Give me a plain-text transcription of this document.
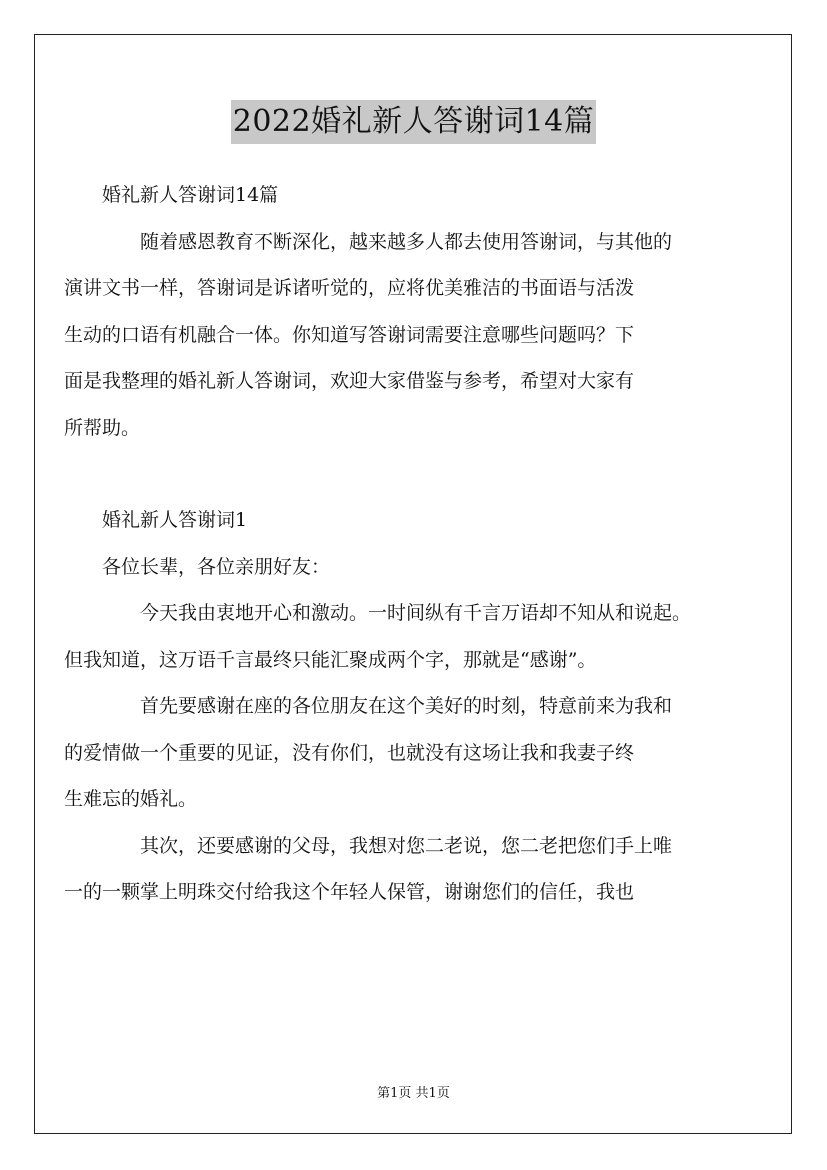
2022婚礼新人答谢词14篇

婚礼新人答谢词14篇

随着感恩教育不断深化，越来越多人都去使用答谢词，与其他的
演讲文书一样，答谢词是诉诸听觉的，应将优美雅洁的书面语与活泼
生动的口语有机融合一体。你知道写答谢词需要注意哪些问题吗？下
面是我整理的婚礼新人答谢词，欢迎大家借鉴与参考，希望对大家有
所帮助。

婚礼新人答谢词1

各位长辈，各位亲朋好友：

今天我由衷地开心和激动。一时间纵有千言万语却不知从和说起。
但我知道，这万语千言最终只能汇聚成两个字，那就是“感谢”。

首先要感谢在座的各位朋友在这个美好的时刻，特意前来为我和
的爱情做一个重要的见证，没有你们，也就没有这场让我和我妻子终
生难忘的婚礼。

其次，还要感谢的父母，我想对您二老说，您二老把您们手上唯
一的一颗掌上明珠交付给我这个年轻人保管，谢谢您们的信任，我也

第1页 共1页
